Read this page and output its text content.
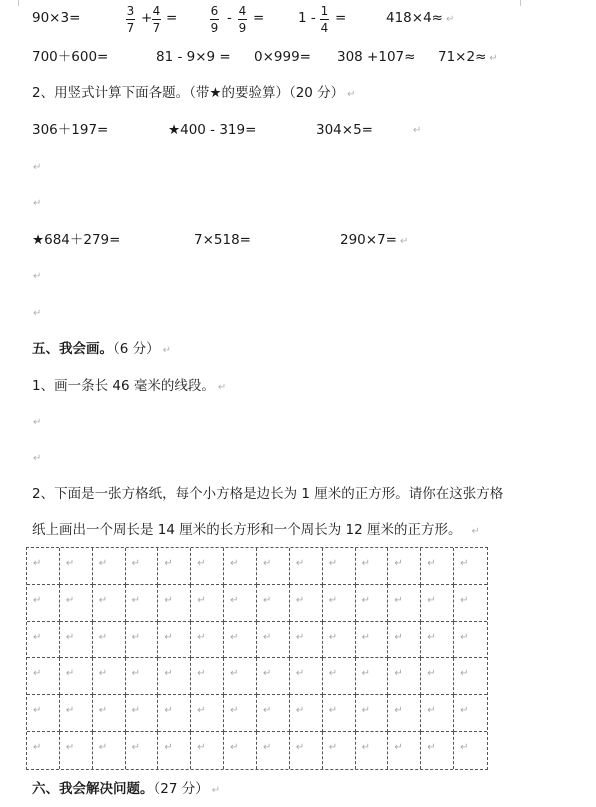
90×3=	3
7
+ 4
7
=	6
9
- 4
9
= 1 - 1
4
=	418×4≈ ↵
700＋600=	81 - 9×9 = 0×999= 308 +107≈ 71×2≈ ↵
2、用竖式计算下面各题。（带★的要验算）（20 分） ↵
306＋197=	★400 - 319=	304×5=	↵
↵
↵
★684＋279=	7×518=	290×7= ↵
↵
↵
五、我会画。（6 分） ↵
1、画一条长 46 毫米的线段。 ↵
↵
↵
2、下面是一张方格纸，每个小方格是边长为 1 厘米的正方形。请你在这张方格
纸上画出一个周长是 14 厘米的长方形和一个周长为 12 厘米的正方形。 ↵
↵	↵	↵	↵	↵	↵	↵	↵	↵	↵	↵	↵	↵	↵
↵	↵	↵	↵	↵	↵	↵	↵	↵	↵	↵	↵	↵	↵
↵	↵	↵	↵	↵	↵	↵	↵	↵	↵	↵	↵	↵	↵
↵	↵	↵	↵	↵	↵	↵	↵	↵	↵	↵	↵	↵	↵
↵	↵	↵	↵	↵	↵	↵	↵	↵	↵	↵	↵	↵	↵
↵	↵	↵	↵	↵	↵	↵	↵	↵	↵	↵	↵	↵	↵
六、我会解决问题。（27 分） ↵
